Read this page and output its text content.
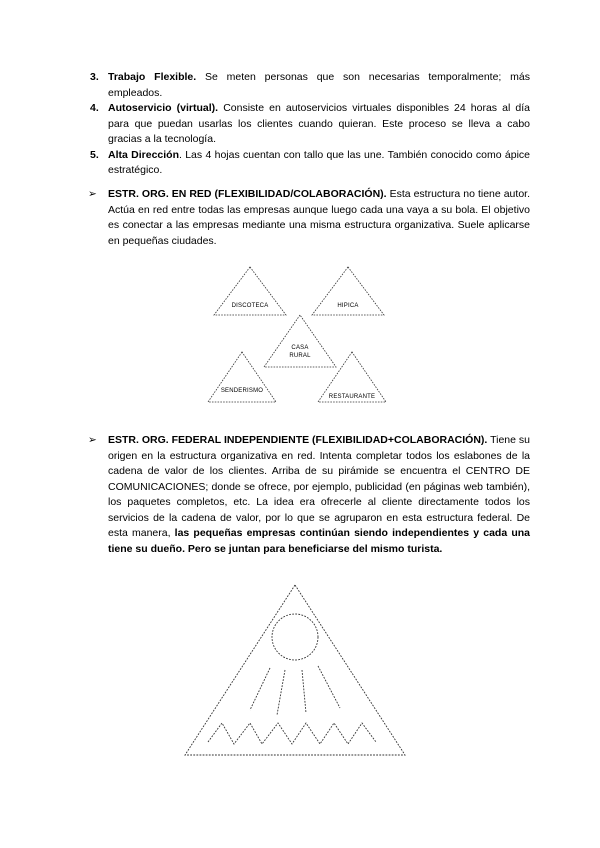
3. Trabajo Flexible. Se meten personas que son necesarias temporalmente; más empleados.
4. Autoservicio (virtual). Consiste en autoservicios virtuales disponibles 24 horas al día para que puedan usarlas los clientes cuando quieran. Este proceso se lleva a cabo gracias a la tecnología.
5. Alta Dirección. Las 4 hojas cuentan con tallo que las une. También conocido como ápice estratégico.
➢	ESTR. ORG. EN RED (FLEXIBILIDAD/COLABORACIÓN). Esta estructura no tiene autor. Actúa en red entre todas las empresas aunque luego cada una vaya a su bola. El objetivo es conectar a las empresas mediante una misma estructura organizativa. Suele aplicarse en pequeñas ciudades.
DISCOTECA	HIPICA
CASA
RURAL
SENDERISMO
RESTAURANTE
➢	ESTR. ORG. FEDERAL INDEPENDIENTE (FLEXIBILIDAD+COLABORACIÓN). Tiene su origen en la estructura organizativa en red. Intenta completar todos los eslabones de la cadena de valor de los clientes. Arriba de su pirámide se encuentra el CENTRO DE COMUNICACIONES; donde se ofrece, por ejemplo, publicidad (en páginas web también), los paquetes completos, etc. La idea era ofrecerle al cliente directamente todos los servicios de la cadena de valor, por lo que se agruparon en esta estructura federal. De esta manera, las pequeñas empresas continúan siendo independientes y cada una tiene su dueño. Pero se juntan para beneficiarse del mismo turista.
